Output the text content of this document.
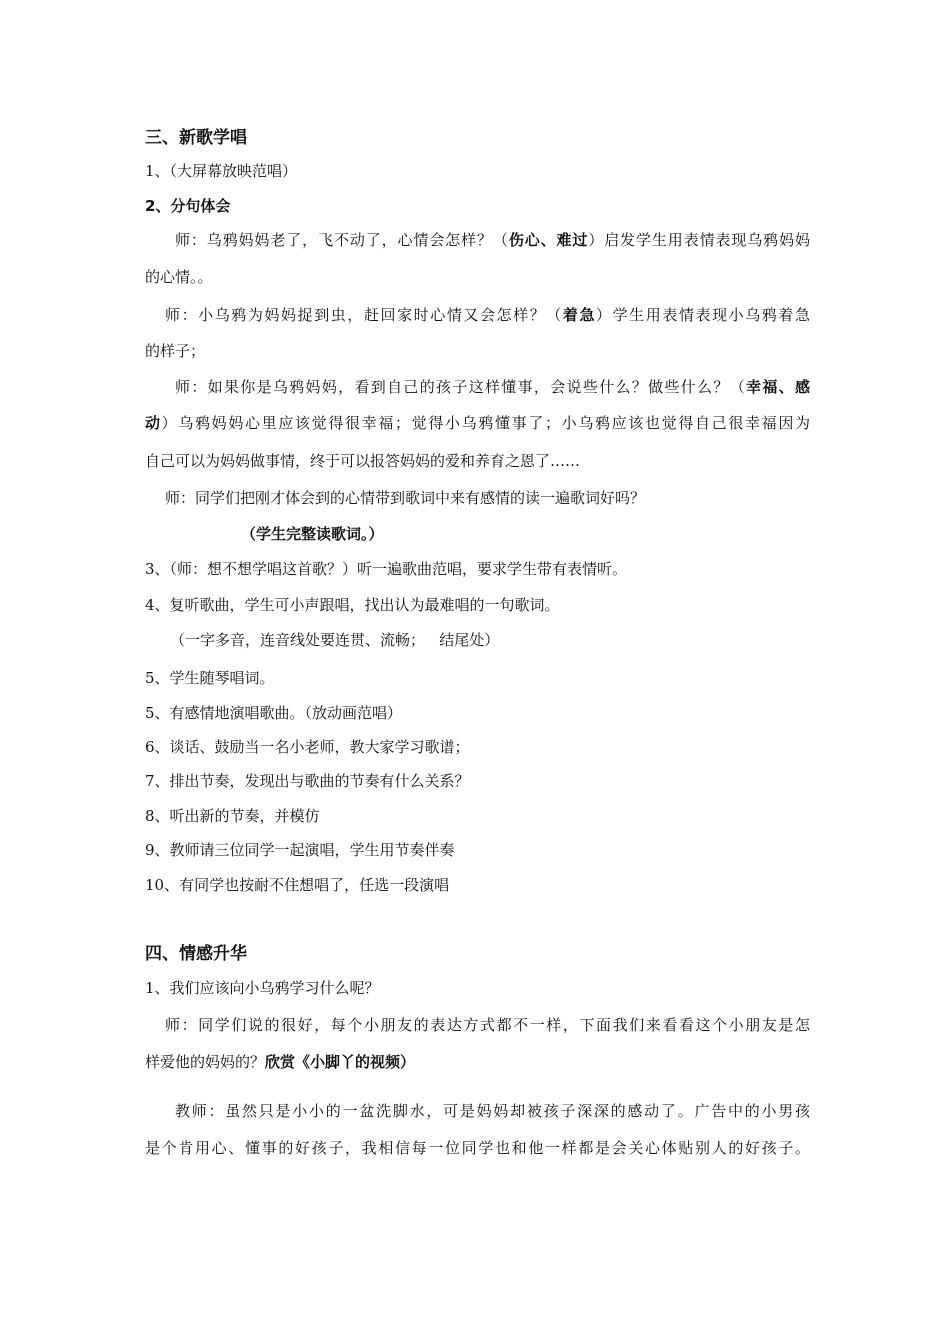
三、新歌学唱
1、（大屏幕放映范唱）
2、分句体会
师：乌鸦妈妈老了，飞不动了，心情会怎样？（伤心、难过）启发学生用表情表现乌鸦妈妈
的心情。。
师：小乌鸦为妈妈捉到虫，赶回家时心情又会怎样？（着急）学生用表情表现小乌鸦着急
的样子；
师：如果你是乌鸦妈妈，看到自己的孩子这样懂事，会说些什么？做些什么？（幸福、感
动）乌鸦妈妈心里应该觉得很幸福；觉得小乌鸦懂事了；小乌鸦应该也觉得自己很幸福因为
自己可以为妈妈做事情，终于可以报答妈妈的爱和养育之恩了……
师：同学们把刚才体会到的心情带到歌词中来有感情的读一遍歌词好吗？
（学生完整读歌词。）
3、（师：想不想学唱这首歌？）听一遍歌曲范唱，要求学生带有表情听。
4、复听歌曲，学生可小声跟唱，找出认为最难唱的一句歌词。
（一字多音，连音线处要连贯、流畅；   结尾处）
5、学生随琴唱词。
5、有感情地演唱歌曲。（放动画范唱）
6、谈话、鼓励当一名小老师，教大家学习歌谱；
7、排出节奏，发现出与歌曲的节奏有什么关系？
8、听出新的节奏，并模仿
9、教师请三位同学一起演唱，学生用节奏伴奏
10、有同学也按耐不住想唱了，任选一段演唱
四、情感升华
1、我们应该向小乌鸦学习什么呢？
师：同学们说的很好，每个小朋友的表达方式都不一样，下面我们来看看这个小朋友是怎
样爱他的妈妈的？欣赏《小脚丫的视频）
教师：虽然只是小小的一盆洗脚水，可是妈妈却被孩子深深的感动了。广告中的小男孩
是个肯用心、懂事的好孩子，我相信每一位同学也和他一样都是会关心体贴别人的好孩子。
